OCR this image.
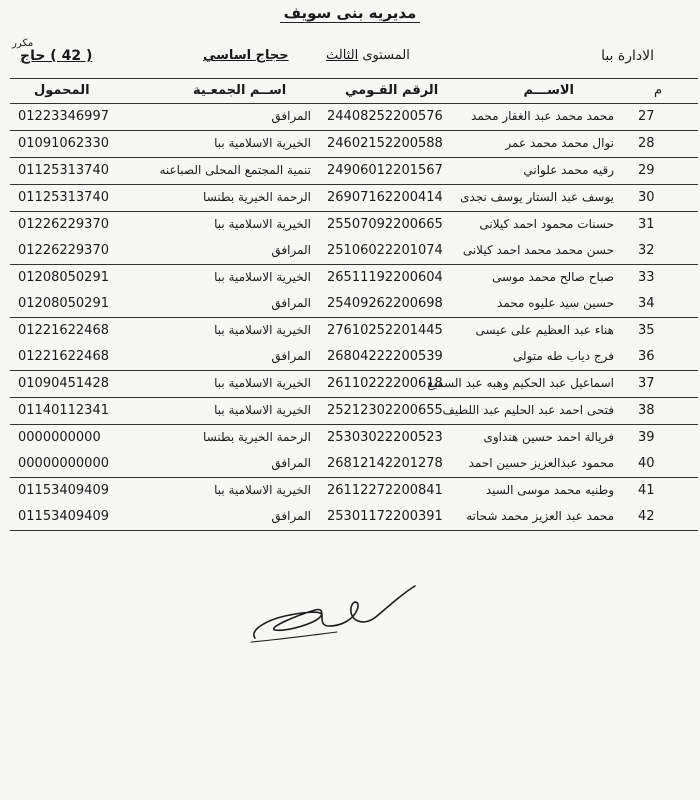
مديريه بنى سويف
الادارة ببا
المستوى الثالث
حجاج اساسي
مكرر
( 42 ) حاج
م
الاســـم
الرقم القـومي
اســم الجمعـية
المحمول
27
محمد محمد عبد الغفار محمد
24408252200576
المرافق
01223346997
28
نوال محمد محمد عمر
24602152200588
الخيرية الاسلامية ببا
01091062330
29
رقيه محمد علواني
24906012201567
تنمية المجتمع المحلى الصباعنه
01125313740
30
يوسف عبد الستار يوسف نجدى
26907162200414
الرحمة الخيرية بطنسا
01125313740
31
حسنات محمود احمد كيلانى
25507092200665
الخيرية الاسلامية ببا
01226229370
32
حسن محمد محمد احمد كيلانى
25106022201074
المرافق
01226229370
33
صباح صالح محمد موسى
26511192200604
الخيرية الاسلامية ببا
01208050291
34
حسين سيد عليوه محمد
25409262200698
المرافق
01208050291
35
هناء عبد العظيم على عيسى
27610252201445
الخيرية الاسلامية ببا
01221622468
36
فرج دياب طه متولى
26804222200539
المرافق
01221622468
37
اسماعيل عبد الحكيم وهبه عبد السميع
26110222200618
الخيرية الاسلامية ببا
01090451428
38
فتحى احمد عبد الحليم عبد اللطيف
25212302200655
الخيرية الاسلامية ببا
01140112341
39
فريالة احمد حسين هنداوى
25303022200523
الرحمة الخيرية بطنسا
0000000000
40
محمود عبدالعزيز حسين احمد
26812142201278
المرافق
00000000000
41
وطنيه محمد موسى السيد
26112272200841
الخيرية الاسلامية ببا
01153409409
42
محمد عبد العزيز محمد شحاته
25301172200391
المرافق
01153409409
